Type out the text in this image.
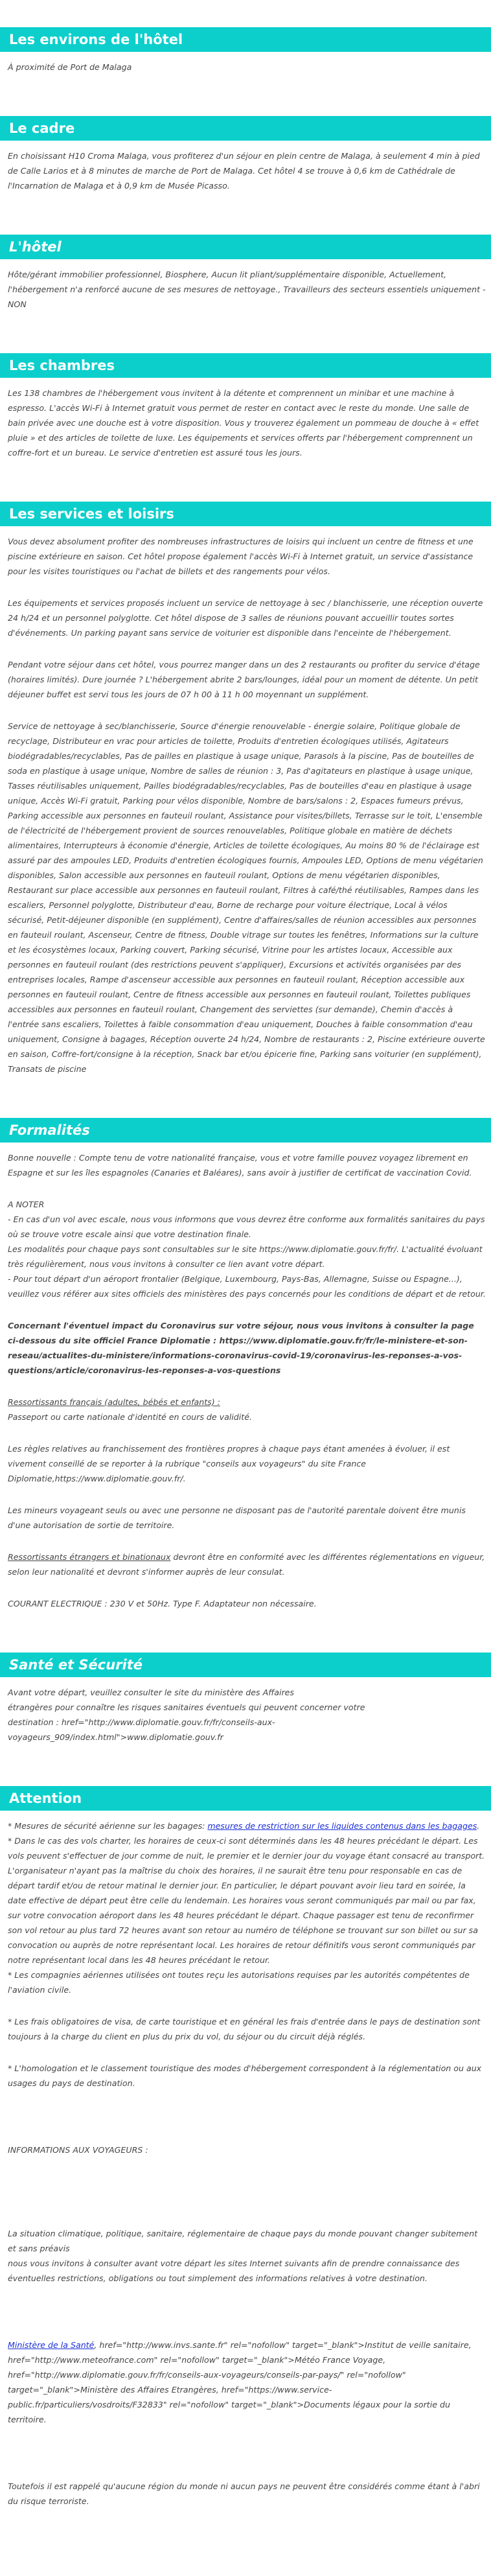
Les environs de l'hôtel

À proximité de Port de Malaga

Le cadre

En choisissant H10 Croma Malaga, vous profiterez d'un séjour en plein centre de Malaga, à seulement 4 min à pied de Calle Larios et à 8 minutes de marche de Port de Malaga. Cet hôtel 4 se trouve à 0,6 km de Cathédrale de l'Incarnation de Malaga et à 0,9 km de Musée Picasso.

L'hôtel

Hôte/gérant immobilier professionnel, Biosphere, Aucun lit pliant/supplémentaire disponible, Actuellement, l'hébergement n'a renforcé aucune de ses mesures de nettoyage., Travailleurs des secteurs essentiels uniquement - NON

Les chambres

Les 138 chambres de l'hébergement vous invitent à la détente et comprennent un minibar et une machine à espresso. L'accès Wi-Fi à Internet gratuit vous permet de rester en contact avec le reste du monde. Une salle de bain privée avec une douche est à votre disposition. Vous y trouverez également un pommeau de douche à « effet pluie » et des articles de toilette de luxe. Les équipements et services offerts par l'hébergement comprennent un coffre-fort et un bureau. Le service d'entretien est assuré tous les jours.

Les services et loisirs

Vous devez absolument profiter des nombreuses infrastructures de loisirs qui incluent un centre de fitness et une piscine extérieure en saison. Cet hôtel propose également l'accès Wi-Fi à Internet gratuit, un service d'assistance pour les visites touristiques ou l'achat de billets et des rangements pour vélos.

Les équipements et services proposés incluent un service de nettoyage à sec / blanchisserie, une réception ouverte 24 h/24 et un personnel polyglotte. Cet hôtel dispose de 3 salles de réunions pouvant accueillir toutes sortes d'événements. Un parking payant sans service de voiturier est disponible dans l'enceinte de l'hébergement.

Pendant votre séjour dans cet hôtel, vous pourrez manger dans un des 2 restaurants ou profiter du service d'étage (horaires limités). Dure journée ? L'hébergement abrite 2 bars/lounges, idéal pour un moment de détente. Un petit déjeuner buffet est servi tous les jours de 07 h 00 à 11 h 00 moyennant un supplément.

Service de nettoyage à sec/blanchisserie, Source d'énergie renouvelable - énergie solaire, Politique globale de recyclage, Distributeur en vrac pour articles de toilette, Produits d'entretien écologiques utilisés, Agitateurs biodégradables/recyclables, Pas de pailles en plastique à usage unique, Parasols à la piscine, Pas de bouteilles de soda en plastique à usage unique, Nombre de salles de réunion : 3, Pas d'agitateurs en plastique à usage unique, Tasses réutilisables uniquement, Pailles biodégradables/recyclables, Pas de bouteilles d'eau en plastique à usage unique, Accès Wi-Fi gratuit, Parking pour vélos disponible, Nombre de bars/salons : 2, Espaces fumeurs prévus, Parking accessible aux personnes en fauteuil roulant, Assistance pour visites/billets, Terrasse sur le toit, L'ensemble de l'électricité de l'hébergement provient de sources renouvelables, Politique globale en matière de déchets alimentaires, Interrupteurs à économie d'énergie, Articles de toilette écologiques, Au moins 80 % de l'éclairage est assuré par des ampoules LED, Produits d'entretien écologiques fournis, Ampoules LED, Options de menu végétarien disponibles, Salon accessible aux personnes en fauteuil roulant, Options de menu végétarien disponibles, Restaurant sur place accessible aux personnes en fauteuil roulant, Filtres à café/thé réutilisables, Rampes dans les escaliers, Personnel polyglotte, Distributeur d'eau, Borne de recharge pour voiture électrique, Local à vélos sécurisé, Petit-déjeuner disponible (en supplément), Centre d'affaires/salles de réunion accessibles aux personnes en fauteuil roulant, Ascenseur, Centre de fitness, Double vitrage sur toutes les fenêtres, Informations sur la culture et les écosystèmes locaux, Parking couvert, Parking sécurisé, Vitrine pour les artistes locaux, Accessible aux personnes en fauteuil roulant (des restrictions peuvent s'appliquer), Excursions et activités organisées par des entreprises locales, Rampe d'ascenseur accessible aux personnes en fauteuil roulant, Réception accessible aux personnes en fauteuil roulant, Centre de fitness accessible aux personnes en fauteuil roulant, Toilettes publiques accessibles aux personnes en fauteuil roulant, Changement des serviettes (sur demande), Chemin d'accès à l'entrée sans escaliers, Toilettes à faible consommation d'eau uniquement, Douches à faible consommation d'eau uniquement, Consigne à bagages, Réception ouverte 24 h/24, Nombre de restaurants : 2, Piscine extérieure ouverte en saison, Coffre-fort/consigne à la réception, Snack bar et/ou épicerie fine, Parking sans voiturier (en supplément), Transats de piscine

Formalités

Bonne nouvelle : Compte tenu de votre nationalité française, vous et votre famille pouvez voyagez librement en Espagne et sur les îles espagnoles (Canaries et Baléares), sans avoir à justifier de certificat de vaccination Covid.

A NOTER

- En cas d'un vol avec escale, nous vous informons que vous devrez être conforme aux formalités sanitaires du pays où se trouve votre escale ainsi que votre destination finale.

Les modalités pour chaque pays sont consultables sur le site https://www.diplomatie.gouv.fr/fr/. L'actualité évoluant très régulièrement, nous vous invitons à consulter ce lien avant votre départ.

- Pour tout départ d'un aéroport frontalier (Belgique, Luxembourg, Pays-Bas, Allemagne, Suisse ou Espagne...), veuillez vous référer aux sites officiels des ministères des pays concernés pour les conditions de départ et de retour.

Concernant l'éventuel impact du Coronavirus sur votre séjour, nous vous invitons à consulter la page ci-dessous du site officiel France Diplomatie : https://www.diplomatie.gouv.fr/fr/le-ministere-et-son-reseau/actualites-du-ministere/informations-coronavirus-covid-19/coronavirus-les-reponses-a-vos-questions/article/coronavirus-les-reponses-a-vos-questions

Ressortissants français (adultes, bébés et enfants) :

Passeport ou carte nationale d'identité en cours de validité.

Les règles relatives au franchissement des frontières propres à chaque pays étant amenées à évoluer, il est vivement conseillé de se reporter à la rubrique "conseils aux voyageurs" du site France Diplomatie,https://www.diplomatie.gouv.fr/.

Les mineurs voyageant seuls ou avec une personne ne disposant pas de l'autorité parentale doivent être munis d'une autorisation de sortie de territoire.

Ressortissants étrangers et binationaux devront être en conformité avec les différentes réglementations en vigueur, selon leur nationalité et devront s'informer auprès de leur consulat.

COURANT ELECTRIQUE : 230 V et 50Hz. Type F. Adaptateur non nécessaire.

Santé et Sécurité

Avant votre départ, veuillez consulter le site du ministère des Affaires

étrangères pour connaître les risques sanitaires éventuels qui peuvent concerner votre

destination : href="http://www.diplomatie.gouv.fr/fr/conseils-aux-voyageurs_909/index.html">www.diplomatie.gouv.fr

Attention

* Mesures de sécurité aérienne sur les bagages: mesures de restriction sur les liquides contenus dans les bagages.

* Dans le cas des vols charter, les horaires de ceux-ci sont déterminés dans les 48 heures précédant le départ. Les vols peuvent s'effectuer de jour comme de nuit, le premier et le dernier jour du voyage étant consacré au transport. L'organisateur n'ayant pas la maîtrise du choix des horaires, il ne saurait être tenu pour responsable en cas de départ tardif et/ou de retour matinal le dernier jour. En particulier, le départ pouvant avoir lieu tard en soirée, la date effective de départ peut être celle du lendemain. Les horaires vous seront communiqués par mail ou par fax, sur votre convocation aéroport dans les 48 heures précédant le départ. Chaque passager est tenu de reconfirmer son vol retour au plus tard 72 heures avant son retour au numéro de téléphone se trouvant sur son billet ou sur sa convocation ou auprès de notre représentant local. Les horaires de retour définitifs vous seront communiqués par notre représentant local dans les 48 heures précédant le retour.

* Les compagnies aériennes utilisées ont toutes reçu les autorisations requises par les autorités compétentes de l'aviation civile.

* Les frais obligatoires de visa, de carte touristique et en général les frais d'entrée dans le pays de destination sont toujours à la charge du client en plus du prix du vol, du séjour ou du circuit déjà réglés.

* L'homologation et le classement touristique des modes d'hébergement correspondent à la réglementation ou aux usages du pays de destination.

INFORMATIONS AUX VOYAGEURS :

La situation climatique, politique, sanitaire, réglementaire de chaque pays du monde pouvant changer subitement et sans préavis

nous vous invitons à consulter avant votre départ les sites Internet suivants afin de prendre connaissance des éventuelles restrictions, obligations ou tout simplement des informations relatives à votre destination.

Ministère de la Santé, href="http://www.invs.sante.fr" rel="nofollow" target="_blank">Institut de veille sanitaire, href="http://www.meteofrance.com" rel="nofollow" target="_blank">Météo France Voyage, href="http://www.diplomatie.gouv.fr/fr/conseils-aux-voyageurs/conseils-par-pays/" rel="nofollow" target="_blank">Ministère des Affaires Etrangères, href="https://www.service-public.fr/particuliers/vosdroits/F32833" rel="nofollow" target="_blank">Documents légaux pour la sortie du territoire.

Toutefois il est rappelé qu'aucune région du monde ni aucun pays ne peuvent être considérés comme étant à l'abri du risque terroriste.
